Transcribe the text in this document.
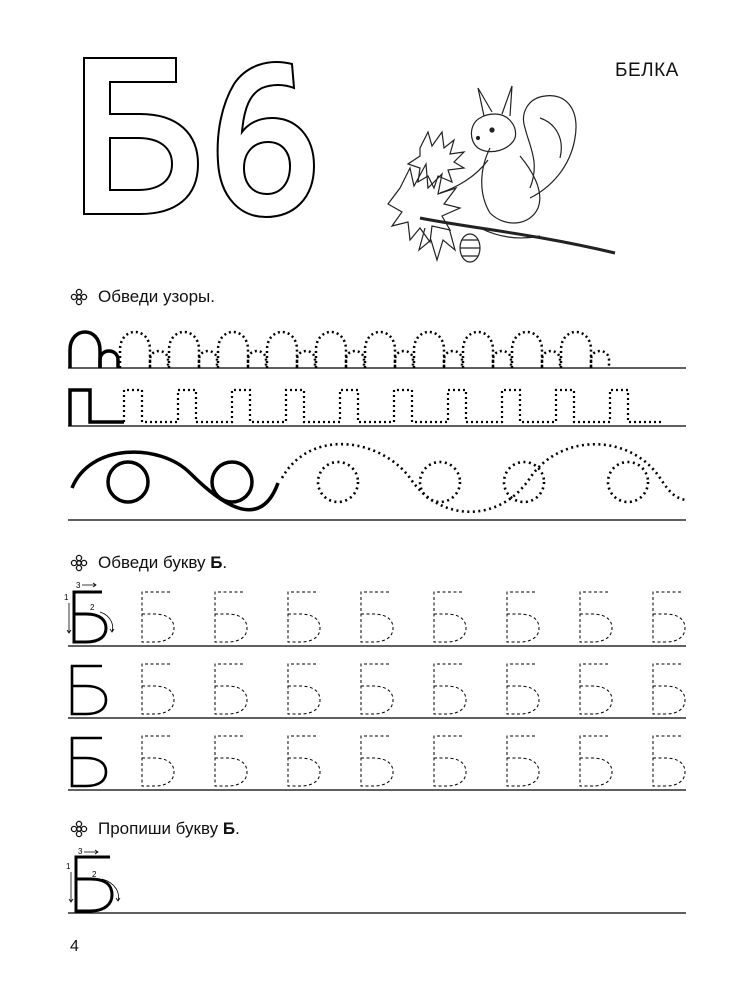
БЕЛКА
Обведи узоры.
Обведи букву Б.
3
1
2
Пропиши букву Б.
3
1
2
4
